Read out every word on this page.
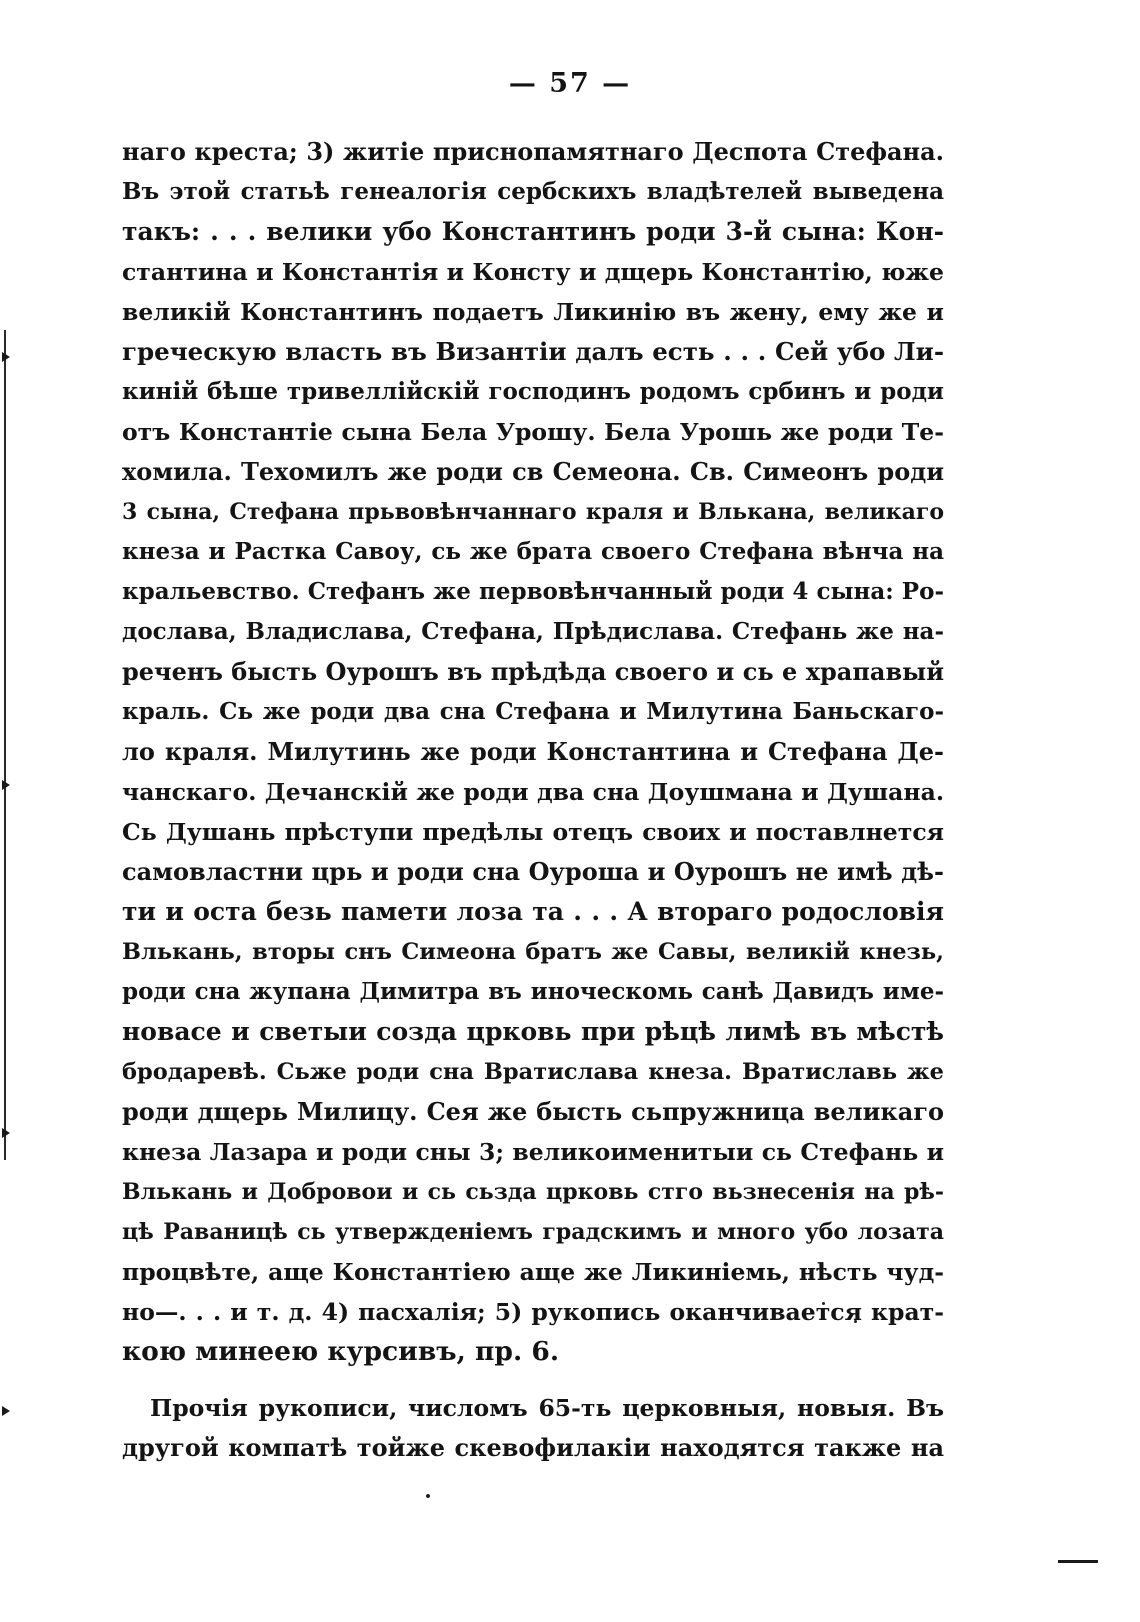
— 57 —
наго креста; 3) житіе приснопамятнаго Деспота Стефана.
Въ этой статьѣ генеалогія сербскихъ владѣтелей выведена
такъ: . . . велики убо Константинъ роди 3-й сына: Кон-
стантина и Константія и Консту и дщерь Константію, юже
великій Константинъ подаетъ Ликинію въ жену, ему же и
греческую власть въ Византіи далъ есть . . . Сей убо Ли-
киній бѣше тривеллійскій господинъ родомъ србинъ и роди
отъ Константіе сына Бела Урошу. Бела Урошь же роди Те-
хомила. Техомилъ же роди св Семеона. Св. Симеонъ роди
3 сына, Стефана прьвовѣнчаннаго краля и Влькана, великаго
кнеза и Растка Савоу, сь же брата своего Стефана вѣнча на
кральевство. Стефанъ же первовѣнчанный роди 4 сына: Ро-
дослава, Владислава, Стефана, Прѣдислава. Стефань же на-
реченъ бысть Оурошъ въ прѣдѣда своего и сь е храпавый
краль. Сь же роди два сна Стефана и Милутина Баньскаго-
ло краля. Милутинь же роди Константина и Стефана Де-
чанскаго. Дечанскій же роди два сна Доушмана и Душана.
Сь Душань прѣступи предѣлы отецъ своих и поставлнется
самовластни црь и роди сна Оуроша и Оурошъ не имѣ дѣ-
ти и оста безь памети лоза та . . . А втораго родословія
Влькань, вторы снъ Симеона братъ же Савы, великій кнезь,
роди сна жупана Димитра въ иноческомь санѣ Давидъ име-
новасе и светыи созда црковь при рѣцѣ лимѣ въ мѣстѣ
бродаревѣ. Сьже роди сна Вратислава кнеза. Вратиславь же
роди дщерь Милицу. Сея же бысть сьпружница великаго
кнеза Лазара и роди сны 3; великоименитыи сь Стефань и
Влькань и Добровои и сь сьзда црковь стго вьзнесенія на рѣ-
цѣ Раваницѣ сь утвержденіемъ градскимъ и много убо лозата
процвѣте, аще Константіею аще же Ликиніемь, нѣсть чуд-
но—. . . и т. д. 4) пасхалія; 5) рукопись оканчивается крат-
кою минеею курсивъ, пр. 6.
Прочія рукописи, числомъ 65-ть церковныя, новыя. Въ
другой компатѣ тойже скевофилакіи находятся также на
